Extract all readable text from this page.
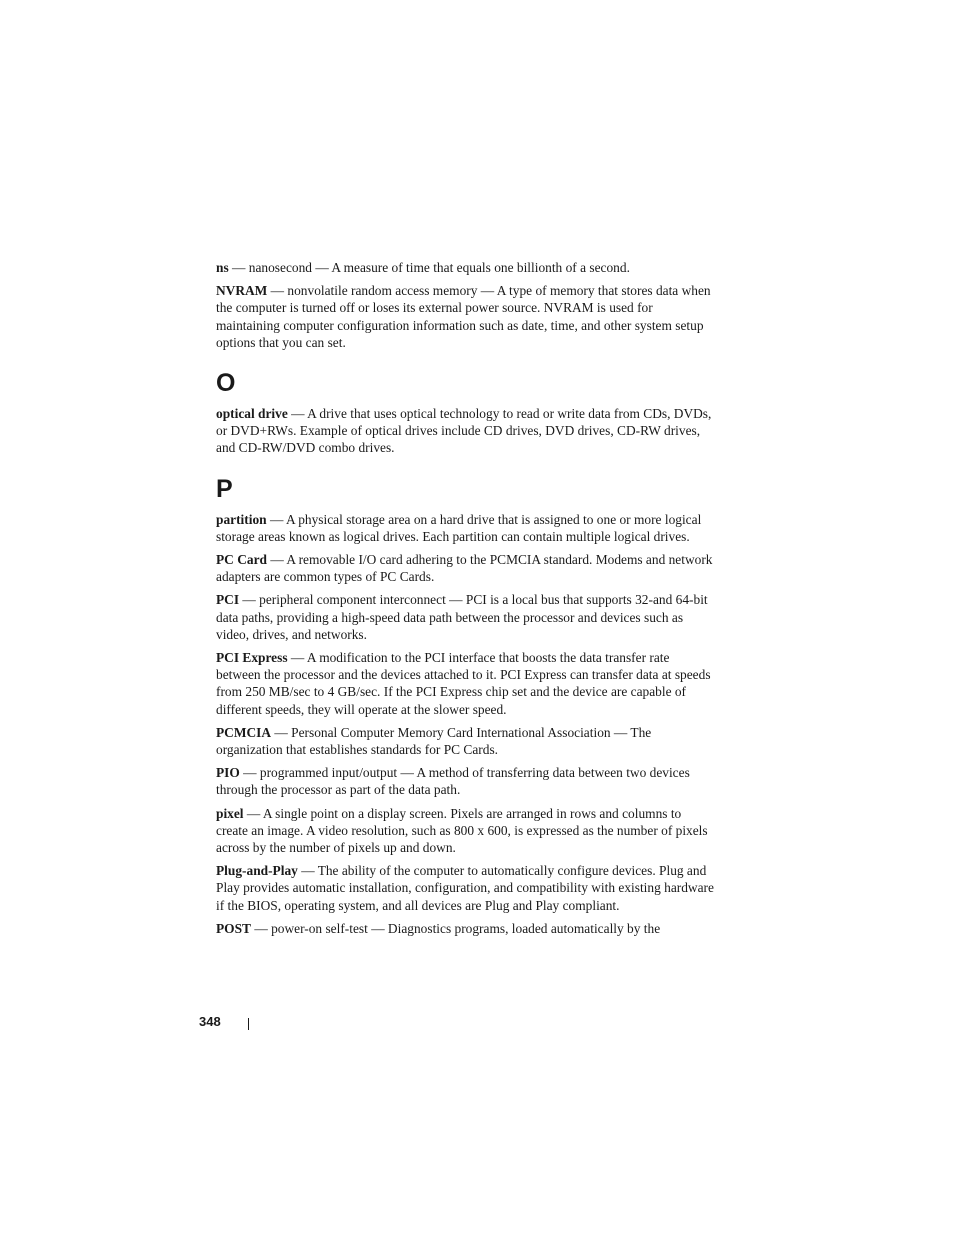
ns — nanosecond — A measure of time that equals one billionth of a second.

NVRAM — nonvolatile random access memory — A type of memory that stores data when the computer is turned off or loses its external power source. NVRAM is used for maintaining computer configuration information such as date, time, and other system setup options that you can set.

O

optical drive — A drive that uses optical technology to read or write data from CDs, DVDs, or DVD+RWs. Example of optical drives include CD drives, DVD drives, CD-RW drives, and CD-RW/DVD combo drives.

P

partition — A physical storage area on a hard drive that is assigned to one or more logical storage areas known as logical drives. Each partition can contain multiple logical drives.

PC Card — A removable I/O card adhering to the PCMCIA standard. Modems and network adapters are common types of PC Cards.

PCI — peripheral component interconnect — PCI is a local bus that supports 32-and 64-bit data paths, providing a high-speed data path between the processor and devices such as video, drives, and networks.

PCI Express — A modification to the PCI interface that boosts the data transfer rate between the processor and the devices attached to it. PCI Express can transfer data at speeds from 250 MB/sec to 4 GB/sec. If the PCI Express chip set and the device are capable of different speeds, they will operate at the slower speed.

PCMCIA — Personal Computer Memory Card International Association — The organization that establishes standards for PC Cards.

PIO — programmed input/output — A method of transferring data between two devices through the processor as part of the data path.

pixel — A single point on a display screen. Pixels are arranged in rows and columns to create an image. A video resolution, such as 800 x 600, is expressed as the number of pixels across by the number of pixels up and down.

Plug-and-Play — The ability of the computer to automatically configure devices. Plug and Play provides automatic installation, configuration, and compatibility with existing hardware if the BIOS, operating system, and all devices are Plug and Play compliant.

POST — power-on self-test — Diagnostics programs, loaded automatically by the

348
